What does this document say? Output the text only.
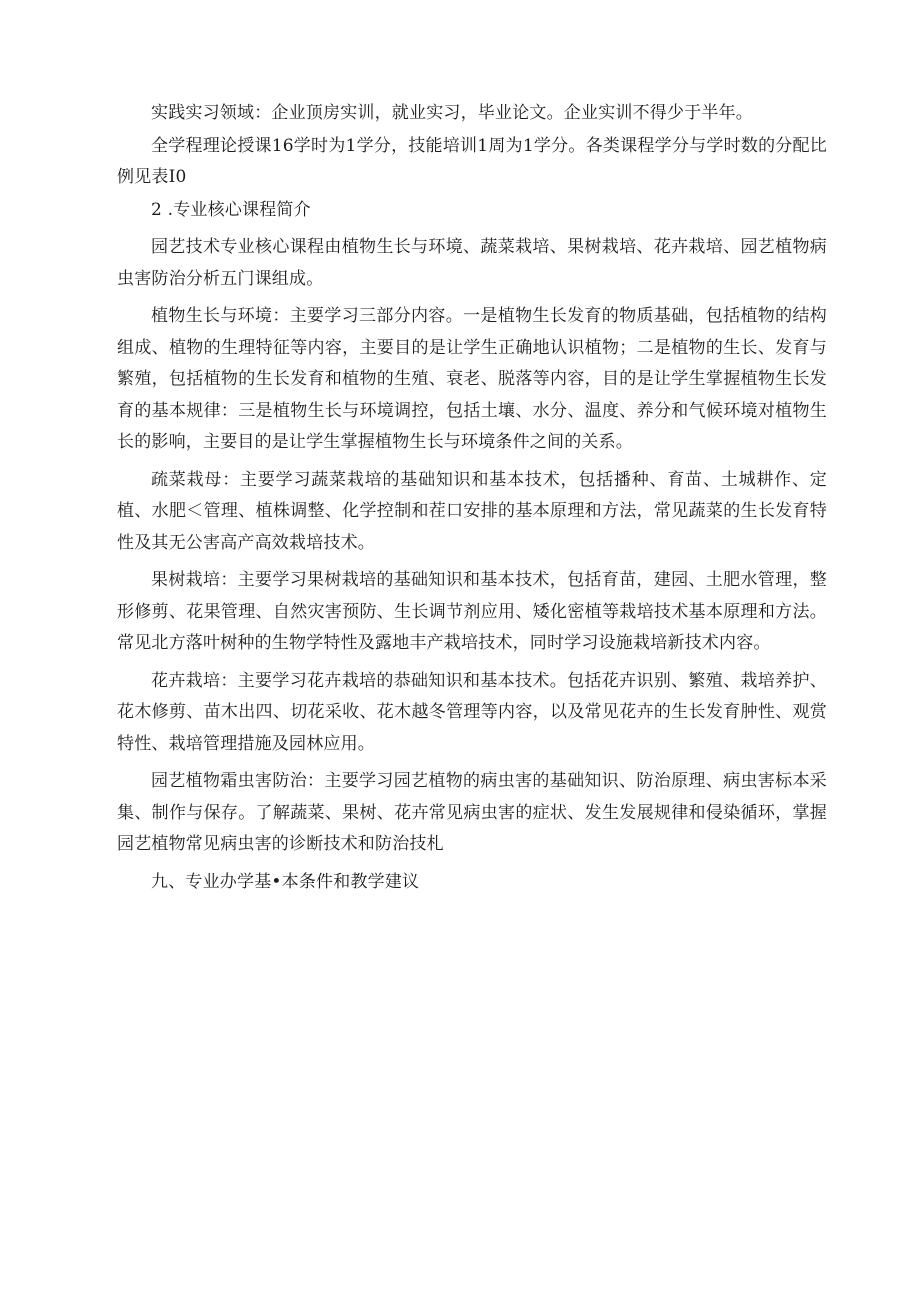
实践实习领域：企业顶房实训，就业实习，毕业论文。企业实训不得少于半年。

全学程理论授课16学时为1学分，技能培训1周为1学分。各类课程学分与学时数的分配比例见表I0

2 .专业核心课程简介

园艺技术专业核心课程由植物生长与环境、蔬菜栽培、果树栽培、花卉栽培、园艺植物病虫害防治分析五门课组成。

植物生长与环境：主要学习三部分内容。一是植物生长发育的物质基础，包括植物的结构组成、植物的生理特征等内容，主要目的是让学生正确地认识植物；二是植物的生长、发育与繁殖，包括植物的生长发育和植物的生殖、衰老、脱落等内容，目的是让学生掌握植物生长发育的基本规律：三是植物生长与环境调控，包括土壤、水分、温度、养分和气候环境对植物生长的影响，主要目的是让学生掌握植物生长与环境条件之间的关系。

疏菜栽母：主要学习蔬菜栽培的基础知识和基本技术，包括播种、育苗、土城耕作、定植、水肥＜管理、植株调整、化学控制和茬口安排的基本原理和方法，常见蔬菜的生长发育特性及其无公害高产高效栽培技术。

果树栽培：主要学习果树栽培的基础知识和基本技术，包括育苗，建园、土肥水管理，整形修剪、花果管理、自然灾害预防、生长调节剂应用、矮化密植等栽培技术基本原理和方法。常见北方落叶树种的生物学特性及露地丰产栽培技术，同时学习设施栽培新技术内容。

花卉栽培：主要学习花卉栽培的恭础知识和基本技术。包括花卉识别、繁殖、栽培养护、花木修剪、苗木出四、切花采收、花木越冬管理等内容，以及常见花卉的生长发育肿性、观赏特性、栽培管理措施及园林应用。

园艺植物霜虫害防治：主要学习园艺植物的病虫害的基础知识、防治原理、病虫害标本采集、制作与保存。了解蔬菜、果树、花卉常见病虫害的症状、发生发展规律和侵染循环，掌握园艺植物常见病虫害的诊断技术和防治技札

九、专业办学基•本条件和教学建议
